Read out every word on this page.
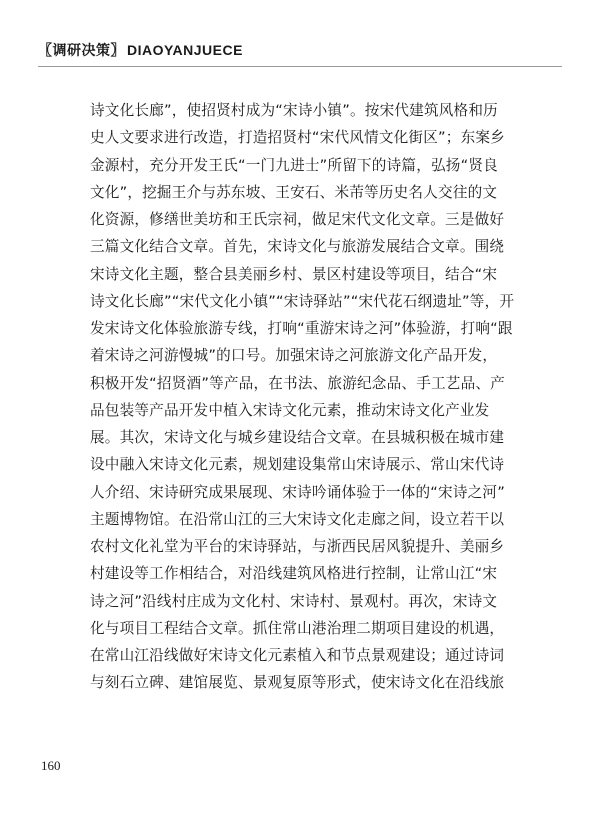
〖调研决策〗 DIAOYANJUECE
诗文化长廊”，使招贤村成为“宋诗小镇”。按宋代建筑风格和历
史人文要求进行改造，打造招贤村“宋代风情文化街区”；东案乡
金源村，充分开发王氏“一门九进士”所留下的诗篇，弘扬“贤良
文化”，挖掘王介与苏东坡、王安石、米芾等历史名人交往的文
化资源，修缮世美坊和王氏宗祠，做足宋代文化文章。三是做好
三篇文化结合文章。首先，宋诗文化与旅游发展结合文章。围绕
宋诗文化主题，整合县美丽乡村、景区村建设等项目，结合“宋
诗文化长廊”“宋代文化小镇”“宋诗驿站”“宋代花石纲遗址”等，开
发宋诗文化体验旅游专线，打响“重游宋诗之河”体验游，打响“跟
着宋诗之河游慢城”的口号。加强宋诗之河旅游文化产品开发，
积极开发“招贤酒”等产品，在书法、旅游纪念品、手工艺品、产
品包装等产品开发中植入宋诗文化元素，推动宋诗文化产业发
展。其次，宋诗文化与城乡建设结合文章。在县城积极在城市建
设中融入宋诗文化元素，规划建设集常山宋诗展示、常山宋代诗
人介绍、宋诗研究成果展现、宋诗吟诵体验于一体的“宋诗之河”
主题博物馆。在沿常山江的三大宋诗文化走廊之间，设立若干以
农村文化礼堂为平台的宋诗驿站，与浙西民居风貌提升、美丽乡
村建设等工作相结合，对沿线建筑风格进行控制，让常山江“宋
诗之河”沿线村庄成为文化村、宋诗村、景观村。再次，宋诗文
化与项目工程结合文章。抓住常山港治理二期项目建设的机遇，
在常山江沿线做好宋诗文化元素植入和节点景观建设；通过诗词
与刻石立碑、建馆展览、景观复原等形式，使宋诗文化在沿线旅
160
